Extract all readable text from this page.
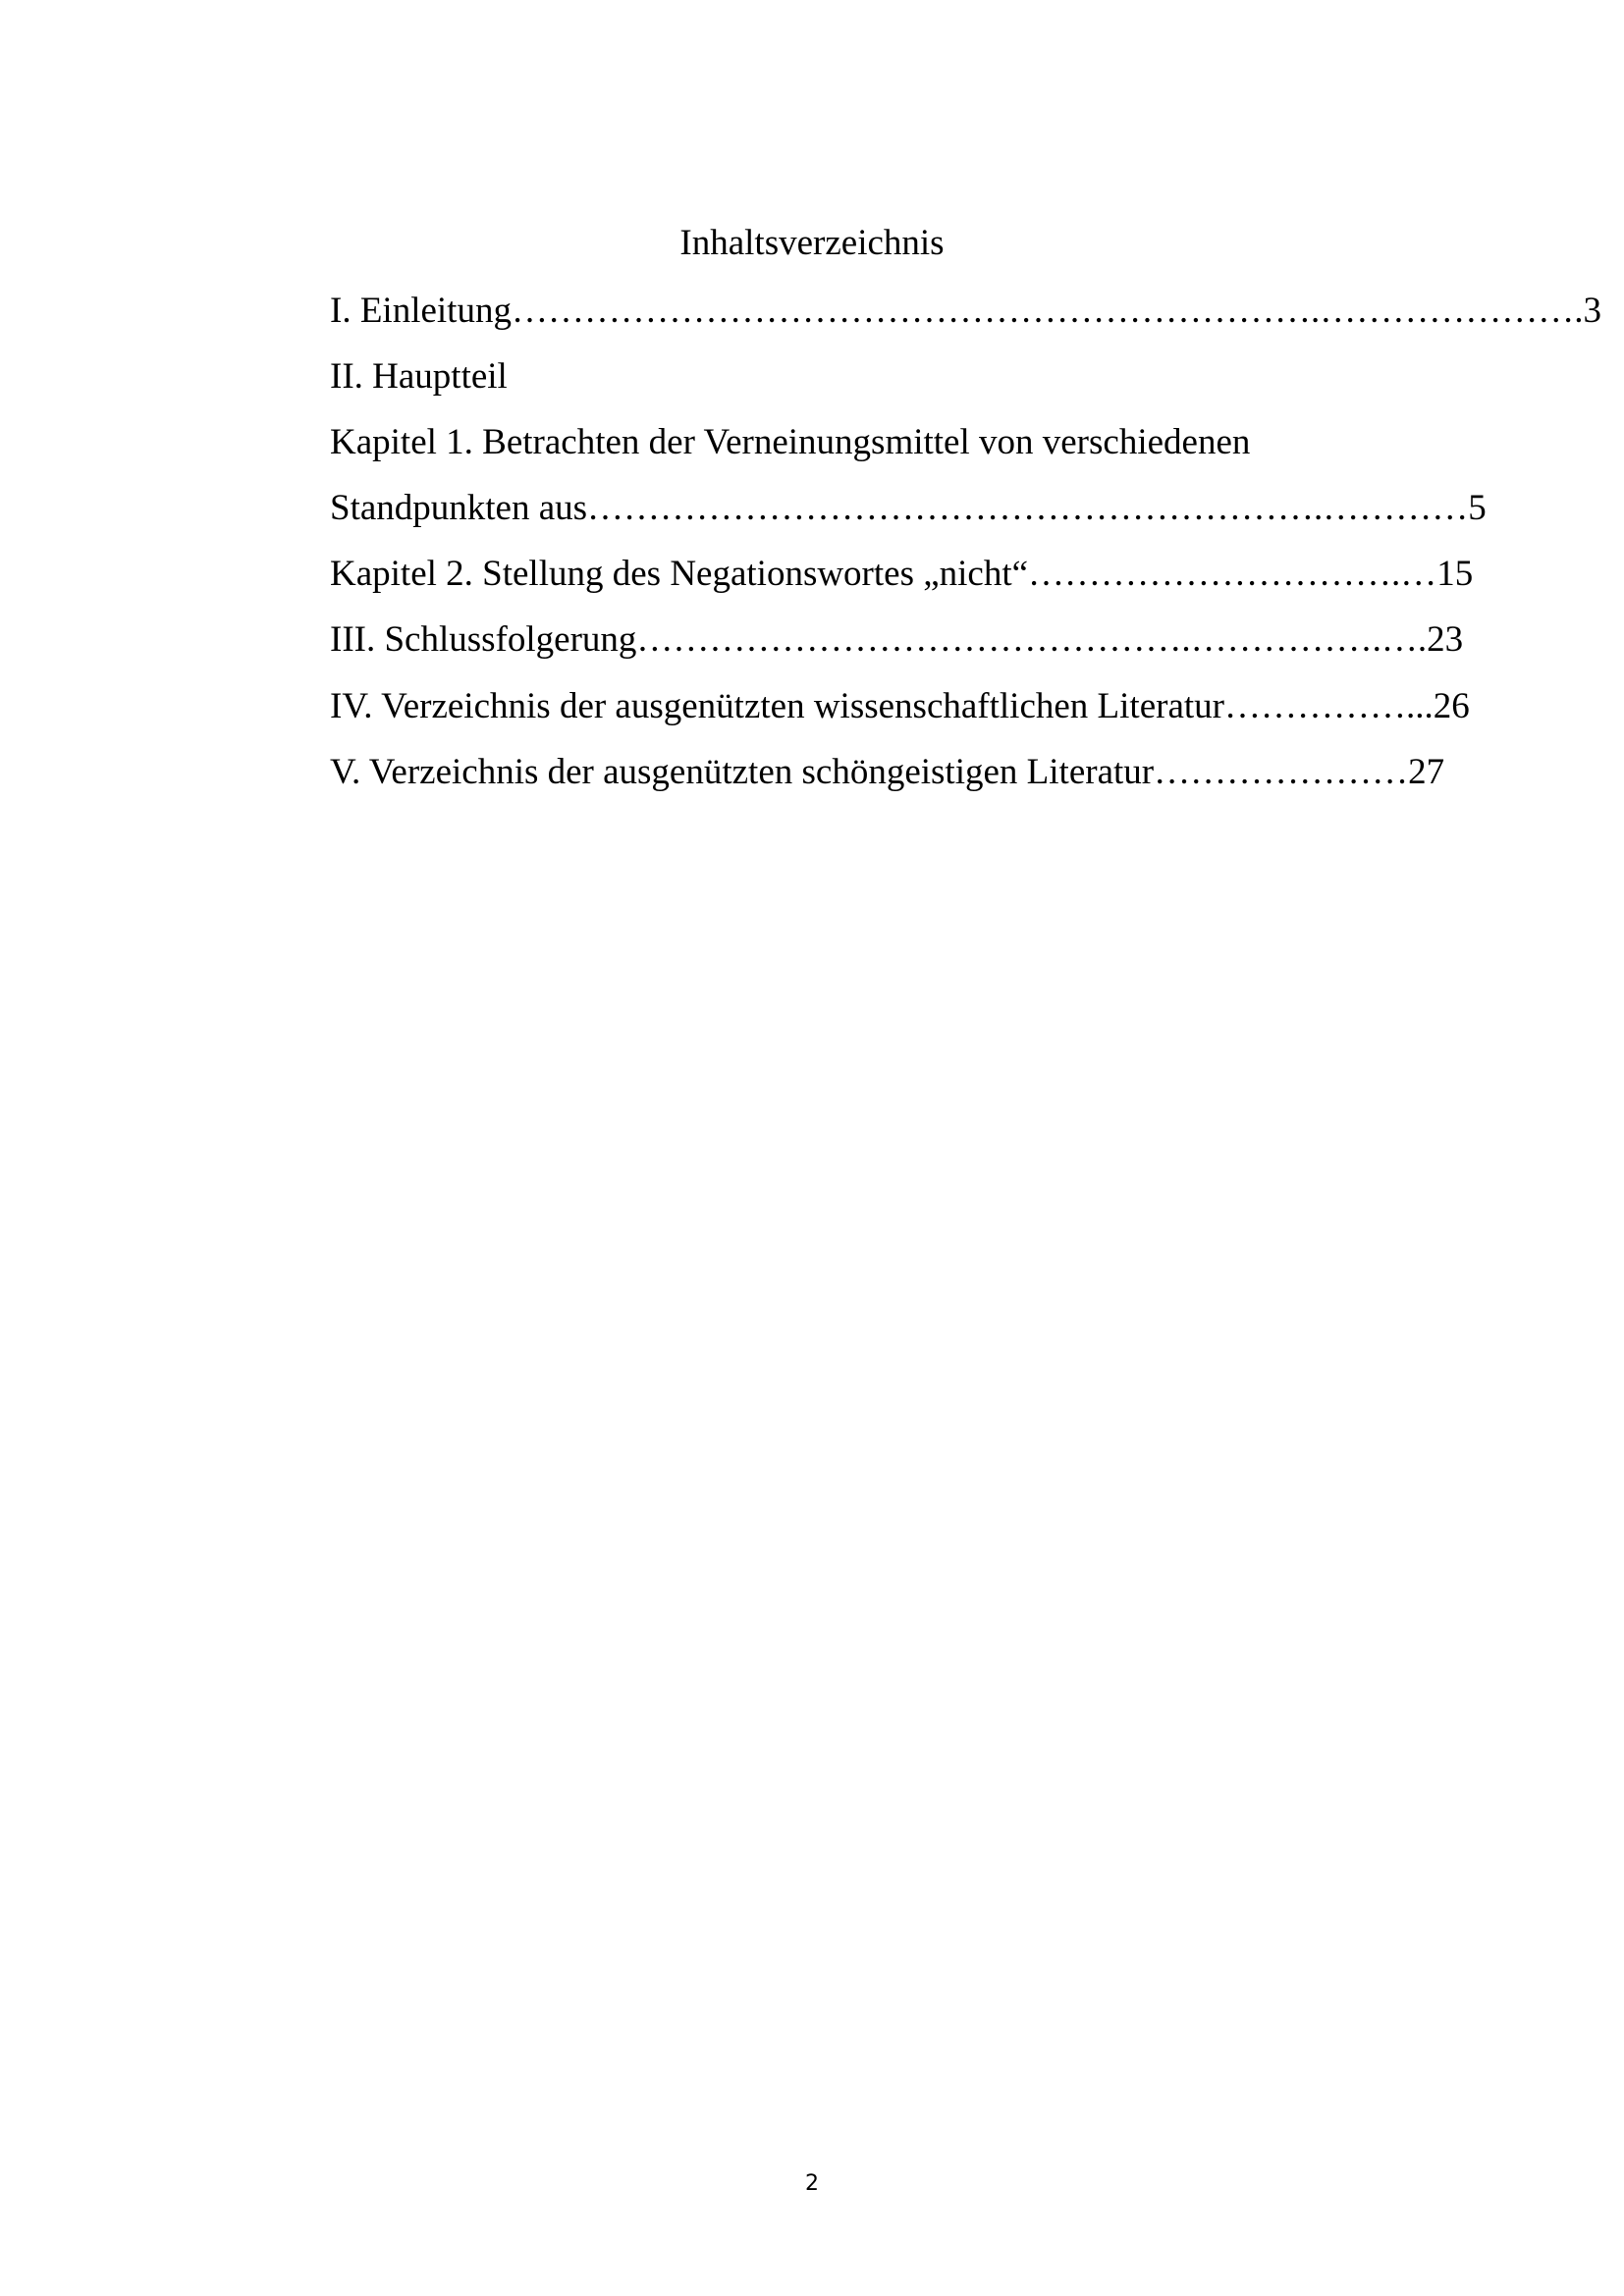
Inhaltsverzeichnis
I. Einleitung………………………………………………………….………………….3
II. Hauptteil
Kapitel 1. Betrachten der Verneinungsmittel von verschiedenen
Standpunkten aus…………………………………………………….…………5
Kapitel 2. Stellung des Negationswortes „nicht“………………………….…15
III. Schlussfolgerung……………………………………….…………….….23
IV. Verzeichnis der ausgenützten wissenschaftlichen Literatur……………...26
V. Verzeichnis der ausgenützten schöngeistigen Literatur…………………27
2
